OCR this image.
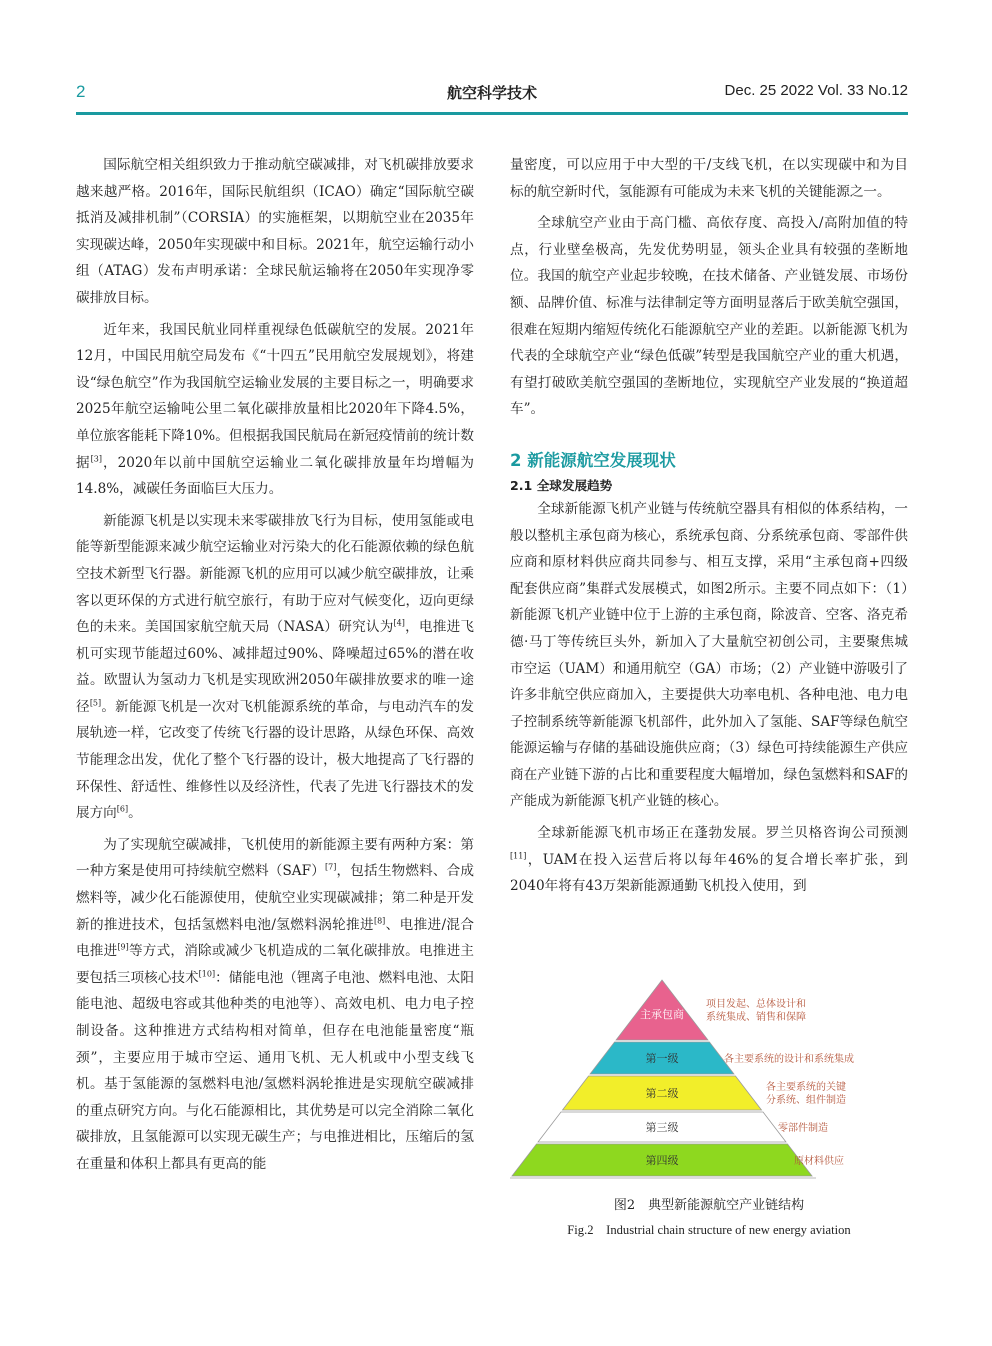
2	航空科学技术	Dec. 25 2022 Vol. 33 No.12

国际航空相关组织致力于推动航空碳减排，对飞机碳排放要求越来越严格。2016年，国际民航组织（ICAO）确定“国际航空碳抵消及减排机制”（CORSIA）的实施框架，以期航空业在2035年实现碳达峰，2050年实现碳中和目标。2021年，航空运输行动小组（ATAG）发布声明承诺：全球民航运输将在2050年实现净零碳排放目标。

近年来，我国民航业同样重视绿色低碳航空的发展。2021年12月，中国民用航空局发布《“十四五”民用航空发展规划》，将建设“绿色航空”作为我国航空运输业发展的主要目标之一，明确要求2025年航空运输吨公里二氧化碳排放量相比2020年下降4.5%，单位旅客能耗下降10%。但根据我国民航局在新冠疫情前的统计数据[3]，2020年以前中国航空运输业二氧化碳排放量年均增幅为14.8%，减碳任务面临巨大压力。

新能源飞机是以实现未来零碳排放飞行为目标，使用氢能或电能等新型能源来减少航空运输业对污染大的化石能源依赖的绿色航空技术新型飞行器。新能源飞机的应用可以减少航空碳排放，让乘客以更环保的方式进行航空旅行，有助于应对气候变化，迈向更绿色的未来。美国国家航空航天局（NASA）研究认为[4]，电推进飞机可实现节能超过60%、减排超过90%、降噪超过65%的潜在收益。欧盟认为氢动力飞机是实现欧洲2050年碳排放要求的唯一途径[5]。新能源飞机是一次对飞机能源系统的革命，与电动汽车的发展轨迹一样，它改变了传统飞行器的设计思路，从绿色环保、高效节能理念出发，优化了整个飞行器的设计，极大地提高了飞行器的环保性、舒适性、维修性以及经济性，代表了先进飞行器技术的发展方向[6]。

为了实现航空碳减排，飞机使用的新能源主要有两种方案：第一种方案是使用可持续航空燃料（SAF）[7]，包括生物燃料、合成燃料等，减少化石能源使用，使航空业实现碳减排；第二种是开发新的推进技术，包括氢燃料电池/氢燃料涡轮推进[8]、电推进/混合电推进[9]等方式，消除或减少飞机造成的二氧化碳排放。电推进主要包括三项核心技术[10]：储能电池（锂离子电池、燃料电池、太阳能电池、超级电容或其他种类的电池等）、高效电机、电力电子控制设备。这种推进方式结构相对简单，但存在电池能量密度“瓶颈”，主要应用于城市空运、通用飞机、无人机或中小型支线飞机。基于氢能源的氢燃料电池/氢燃料涡轮推进是实现航空碳减排的重点研究方向。与化石能源相比，其优势是可以完全消除二氧化碳排放，且氢能源可以实现无碳生产；与电推进相比，压缩后的氢在重量和体积上都具有更高的能

量密度，可以应用于中大型的干/支线飞机，在以实现碳中和为目标的航空新时代，氢能源有可能成为未来飞机的关键能源之一。

全球航空产业由于高门槛、高依存度、高投入/高附加值的特点，行业壁垒极高，先发优势明显，领头企业具有较强的垄断地位。我国的航空产业起步较晚，在技术储备、产业链发展、市场份额、品牌价值、标准与法律制定等方面明显落后于欧美航空强国，很难在短期内缩短传统化石能源航空产业的差距。以新能源飞机为代表的全球航空产业“绿色低碳”转型是我国航空产业的重大机遇，有望打破欧美航空强国的垄断地位，实现航空产业发展的“换道超车”。

2 新能源航空发展现状
2.1 全球发展趋势

全球新能源飞机产业链与传统航空器具有相似的体系结构，一般以整机主承包商为核心，系统承包商、分系统承包商、零部件供应商和原材料供应商共同参与、相互支撑，采用“主承包商+四级配套供应商”集群式发展模式，如图2所示。主要不同点如下：（1）新能源飞机产业链中位于上游的主承包商，除波音、空客、洛克希德·马丁等传统巨头外，新加入了大量航空初创公司，主要聚焦城市空运（UAM）和通用航空（GA）市场；（2）产业链中游吸引了许多非航空供应商加入，主要提供大功率电机、各种电池、电力电子控制系统等新能源飞机部件，此外加入了氢能、SAF等绿色航空能源运输与存储的基础设施供应商；（3）绿色可持续能源生产供应商在产业链下游的占比和重要程度大幅增加，绿色氢燃料和SAF的产能成为新能源飞机产业链的核心。

全球新能源飞机市场正在蓬勃发展。罗兰贝格咨询公司预测[11]，UAM在投入运营后将以每年46%的复合增长率扩张，到2040年将有43万架新能源通勤飞机投入使用，到

主承包商
第一级
第二级
第三级
第四级
项目发起、总体设计和
系统集成、销售和保障
各主要系统的设计和系统集成
各主要系统的关键
分系统、组件制造
零部件制造
原材料供应
图2　典型新能源航空产业链结构
Fig.2　Industrial chain structure of new energy aviation
